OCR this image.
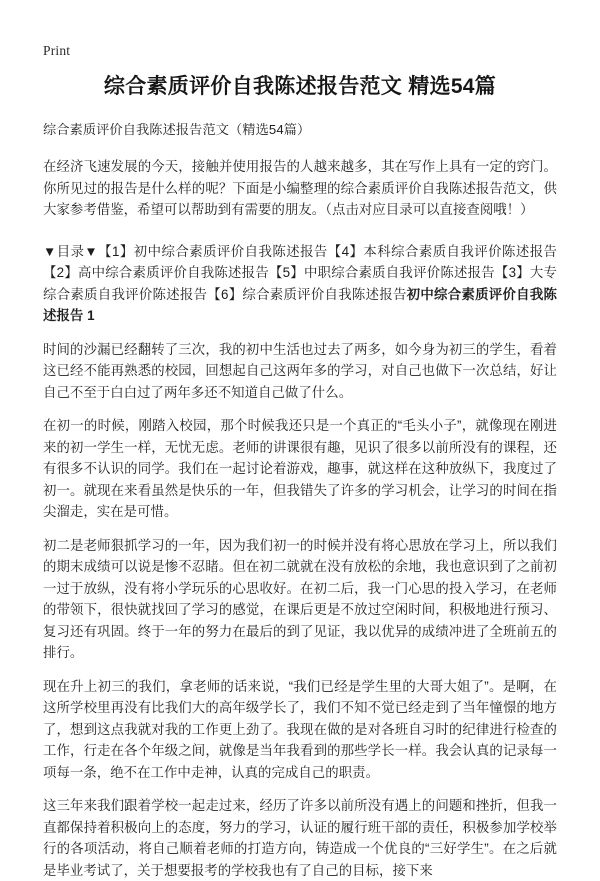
Print
综合素质评价自我陈述报告范文 精选54篇

综合素质评价自我陈述报告范文（精选54篇）

在经济飞速发展的今天，接触并使用报告的人越来越多，其在写作上具有一定的窍门。你所见过的报告是什么样的呢？下面是小编整理的综合素质评价自我陈述报告范文，供大家参考借鉴，希望可以帮助到有需要的朋友。（点击对应目录可以直接查阅哦！）

▼目录▼【1】初中综合素质评价自我陈述报告【4】本科综合素质自我评价陈述报告【2】高中综合素质评价自我陈述报告【5】中职综合素质自我评价陈述报告【3】大专综合素质自我评价陈述报告【6】综合素质评价自我陈述报告初中综合素质评价自我陈述报告 1

时间的沙漏已经翻转了三次，我的初中生活也过去了两多，如今身为初三的学生，看着这已经不能再熟悉的校园，回想起自己这两年多的学习，对自己也做下一次总结，好让自己不至于白白过了两年多还不知道自己做了什么。

在初一的时候，刚踏入校园，那个时候我还只是一个真正的“毛头小子”，就像现在刚进来的初一学生一样，无忧无虑。老师的讲课很有趣，见识了很多以前所没有的课程，还有很多不认识的同学。我们在一起讨论着游戏，趣事，就这样在这种放纵下，我度过了初一。就现在来看虽然是快乐的一年，但我错失了许多的学习机会，让学习的时间在指尖溜走，实在是可惜。

初二是老师狠抓学习的一年，因为我们初一的时候并没有将心思放在学习上，所以我们的期末成绩可以说是惨不忍睹。但在初二就就在没有放松的余地，我也意识到了之前初一过于放纵，没有将小学玩乐的心思收好。在初二后，我一门心思的投入学习，在老师的带领下，很快就找回了学习的感觉，在课后更是不放过空闲时间，积极地进行预习、复习还有巩固。终于一年的努力在最后的到了见证，我以优异的成绩冲进了全班前五的排行。

现在升上初三的我们，拿老师的话来说，“我们已经是学生里的大哥大姐了”。是啊，在这所学校里再没有比我们大的高年级学长了，我们不知不觉已经走到了当年憧憬的地方了，想到这点我就对我的工作更上劲了。我现在做的是对各班自习时的纪律进行检查的工作，行走在各个年级之间，就像是当年我看到的那些学长一样。我会认真的记录每一项每一条，绝不在工作中走神，认真的完成自己的职责。

这三年来我们跟着学校一起走过来，经历了许多以前所没有遇上的问题和挫折，但我一直都保持着积极向上的态度，努力的学习，认证的履行班干部的责任，积极参加学校举行的各项活动，将自己顺着老师的打造方向，铸造成一个优良的“三好学生”。在之后就是毕业考试了，关于想要报考的学校我也有了自己的目标，接下来
